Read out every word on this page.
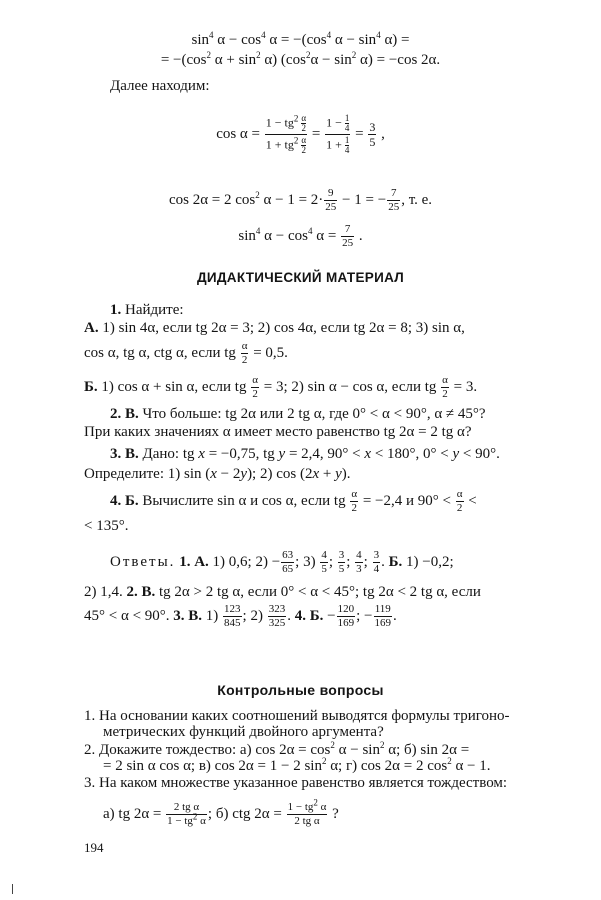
$\sin^4 \alpha - \cos^4 \alpha = -(\cos^4$ $\alpha - \sin^4 \alpha$) =
= $-(\cos^2$ $\alpha + \sin^2 \alpha$) $(\cos^2\alpha - \sin^2 \alpha) = -\cos$ 2α.
Далее находим:
$\cos \alpha = \frac{1 - tg^2 \frac{\alpha}{2}}{1 + tg^2 \frac{\alpha}{2}} = \frac{1 - \frac{1}{4}}{1 + \frac{1}{4}} = \frac{3}{5}$ ,
cos 2α = 2 $\cos^2 \alpha - 1 = 2\cdot \frac{9}{25} - 1$ = − $\frac{7}{25}$ , т. е.
$\sin^4 \alpha - \cos^4 \alpha = \frac{7}{25}$ .
ДИДАКТИЧЕСКИЙ МАТЕРИАЛ
1. Найдите:
А. 1) sin 4α, если tg 2α = 3; 2) cos 4α, если tg 2α = 8; 3) sin α,
cos α, tg α, ctg α, если tg $\frac{\alpha}{2} = 0,5$.
Б. 1) cos α + sin α, если tg $\frac{\alpha}{2} = 3$; 2) sin α − cos α, если tg $\frac{\alpha}{2} = 3$.
2. В. Что больше: tg 2α или 2 tg α, где 0° < α < 90°, α ≠ 45°?
При каких значениях α имеет место равенство tg 2α = 2 tg α?
3. В. Дано: tg x = −0,75, tg y = 2,4, 90° < x < 180°, 0° < y < 90°.
Определите: 1) sin (x − 2y); 2) cos (2x + y).
4. Б. Вычислите sin α и cos α, если tg $\frac{\alpha}{2} = -2,4$ и $90^\circ < \frac{\alpha}{2}$ <
< 135°.
Ответы. 1. А. 1) 0,6; $2) - \frac{63}{65}$ ; $3) \frac{4}{5}$ ; $\frac{3}{5}$ ; $\frac{4}{3}$ ; $\frac{3}{4}$ . Б. 1) −0,2;
2) 1,4. 2. В. tg 2α > 2 tg α, если 0° < α < 45°; tg 2α < 2 tg α, если
45° < α < 90°. 3. В. $1) \frac{123}{845}$ ; $2) \frac{323}{325}$ . 4. Б. − $\frac{120}{169}$ ; − $\frac{119}{169}$ .
Контрольные вопросы
1. На основании каких соотношений выводятся формулы тригоно-
метрических функций двойного аргумента?
2. Докажите тождество: а) $\cos 2\alpha = \cos^2 \alpha - \sin^2 \alpha$; б) sin 2α =
= 2 sin α cos α; в) cos 2α = 1 − 2 $\sin^2 \alpha$; г) cos 2α = 2 $\cos^2 \alpha - 1$.
3. На каком множестве указанное равенство является тождеством:
а) tg $2\alpha = \frac{\text{2 tg α}}{1 - tg^2 \alpha}$ ; б) ctg $2\alpha = \frac{1 - tg^2 \alpha}{\text{2 tg α}}$ ?
194
